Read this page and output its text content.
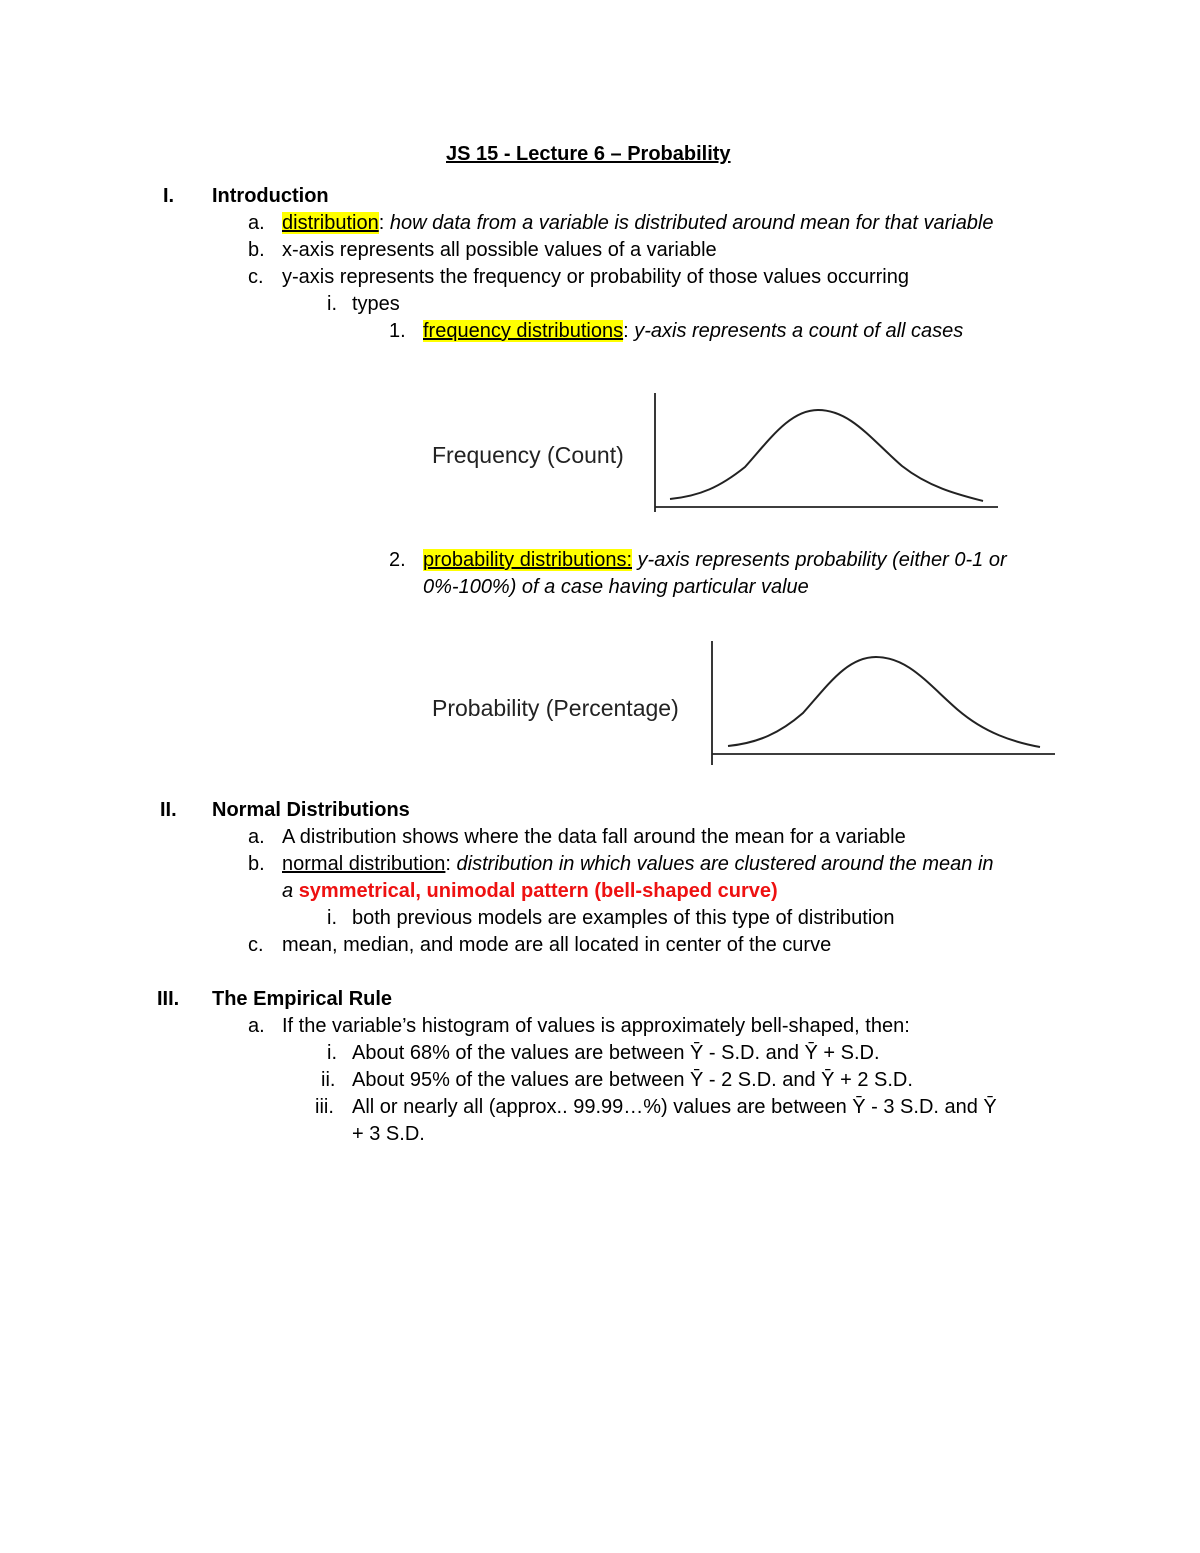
JS 15 - Lecture 6 – Probability
I. Introduction
a. distribution: how data from a variable is distributed around mean for that variable
b. x-axis represents all possible values of a variable
c. y-axis represents the frequency or probability of those values occurring
i. types
1. frequency distributions: y-axis represents a count of all cases
Frequency (Count)
2. probability distributions: y-axis represents probability (either 0-1 or
0%-100%) of a case having particular value
Probability (Percentage)
II. Normal Distributions
a. A distribution shows where the data fall around the mean for a variable
b. normal distribution: distribution in which values are clustered around the mean in
a symmetrical, unimodal pattern (bell-shaped curve)
i. both previous models are examples of this type of distribution
c. mean, median, and mode are all located in center of the curve
III. The Empirical Rule
a. If the variable’s histogram of values is approximately bell-shaped, then:
i. About 68% of the values are between Ȳ - S.D. and Ȳ + S.D.
ii. About 95% of the values are between Ȳ - 2 S.D. and Ȳ + 2 S.D.
iii. All or nearly all (approx.. 99.99…%) values are between Ȳ - 3 S.D. and Ȳ
+ 3 S.D.
